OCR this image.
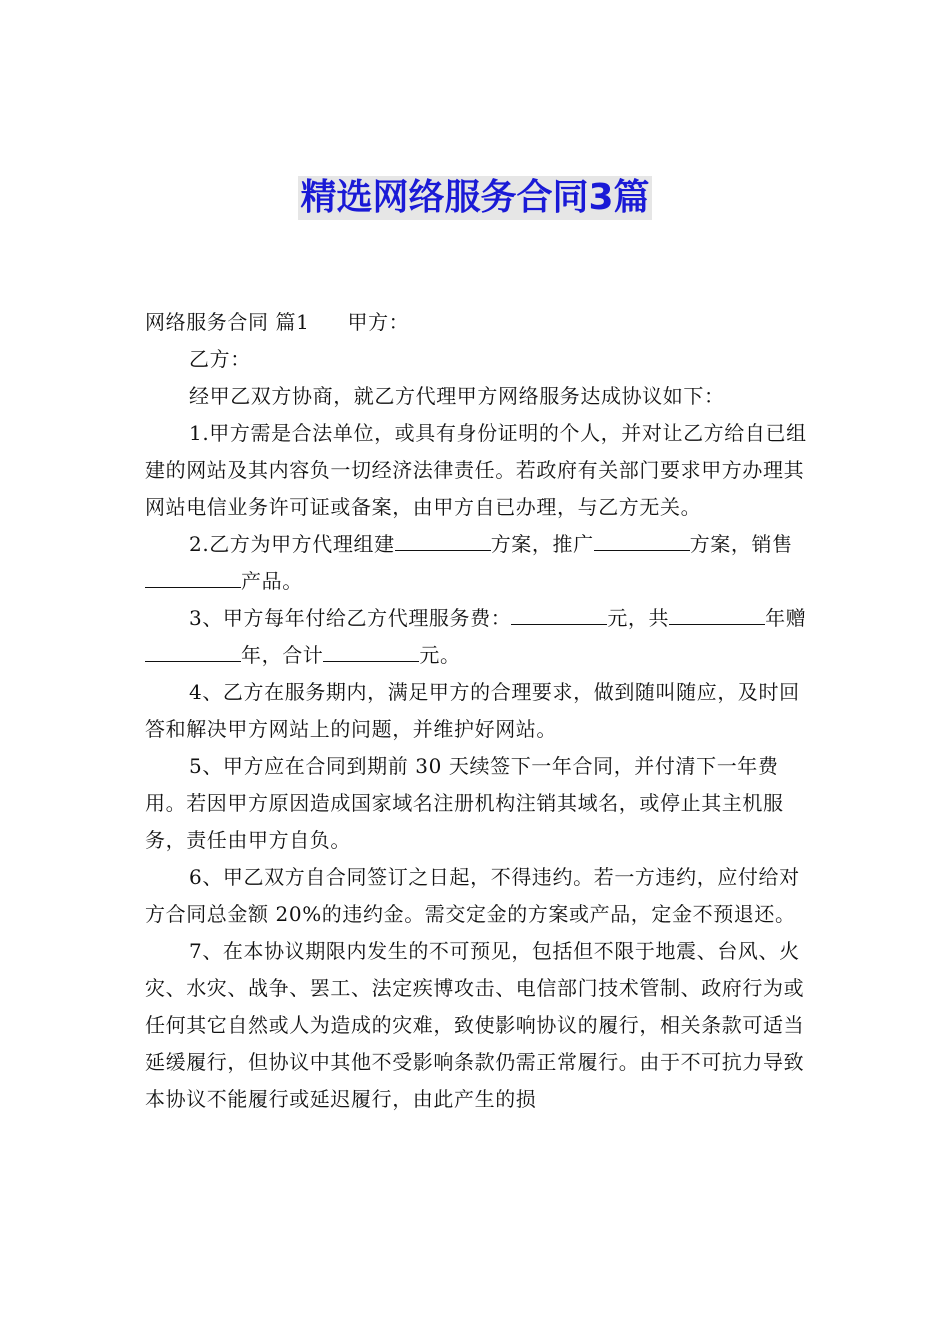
精选网络服务合同3篇

网络服务合同 篇1 甲方：

乙方：

经甲乙双方协商，就乙方代理甲方网络服务达成协议如下：

1.甲方需是合法单位，或具有身份证明的个人，并对让乙方给自已组建的网站及其内容负一切经济法律责任。若政府有关部门要求甲方办理其网站电信业务许可证或备案，由甲方自已办理，与乙方无关。

2.乙方为甲方代理组建	方案，推广	方案，销售产品。

3、甲方每年付给乙方代理服务费：	元，共	年赠年，合计	元。

4、乙方在服务期内，满足甲方的合理要求，做到随叫随应，及时回答和解决甲方网站上的问题，并维护好网站。

5、甲方应在合同到期前 30 天续签下一年合同，并付清下一年费用。若因甲方原因造成国家域名注册机构注销其域名，或停止其主机服务，责任由甲方自负。

6、甲乙双方自合同签订之日起，不得违约。若一方违约，应付给对方合同总金额 20%的违约金。需交定金的方案或产品，定金不预退还。

7、在本协议期限内发生的不可预见，包括但不限于地震、台风、火灾、水灾、战争、罢工、法定疾博攻击、电信部门技术管制、政府行为或任何其它自然或人为造成的灾难，致使影响协议的履行，相关条款可适当延缓履行，但协议中其他不受影响条款仍需正常履行。由于不可抗力导致本协议不能履行或延迟履行，由此产生的损
